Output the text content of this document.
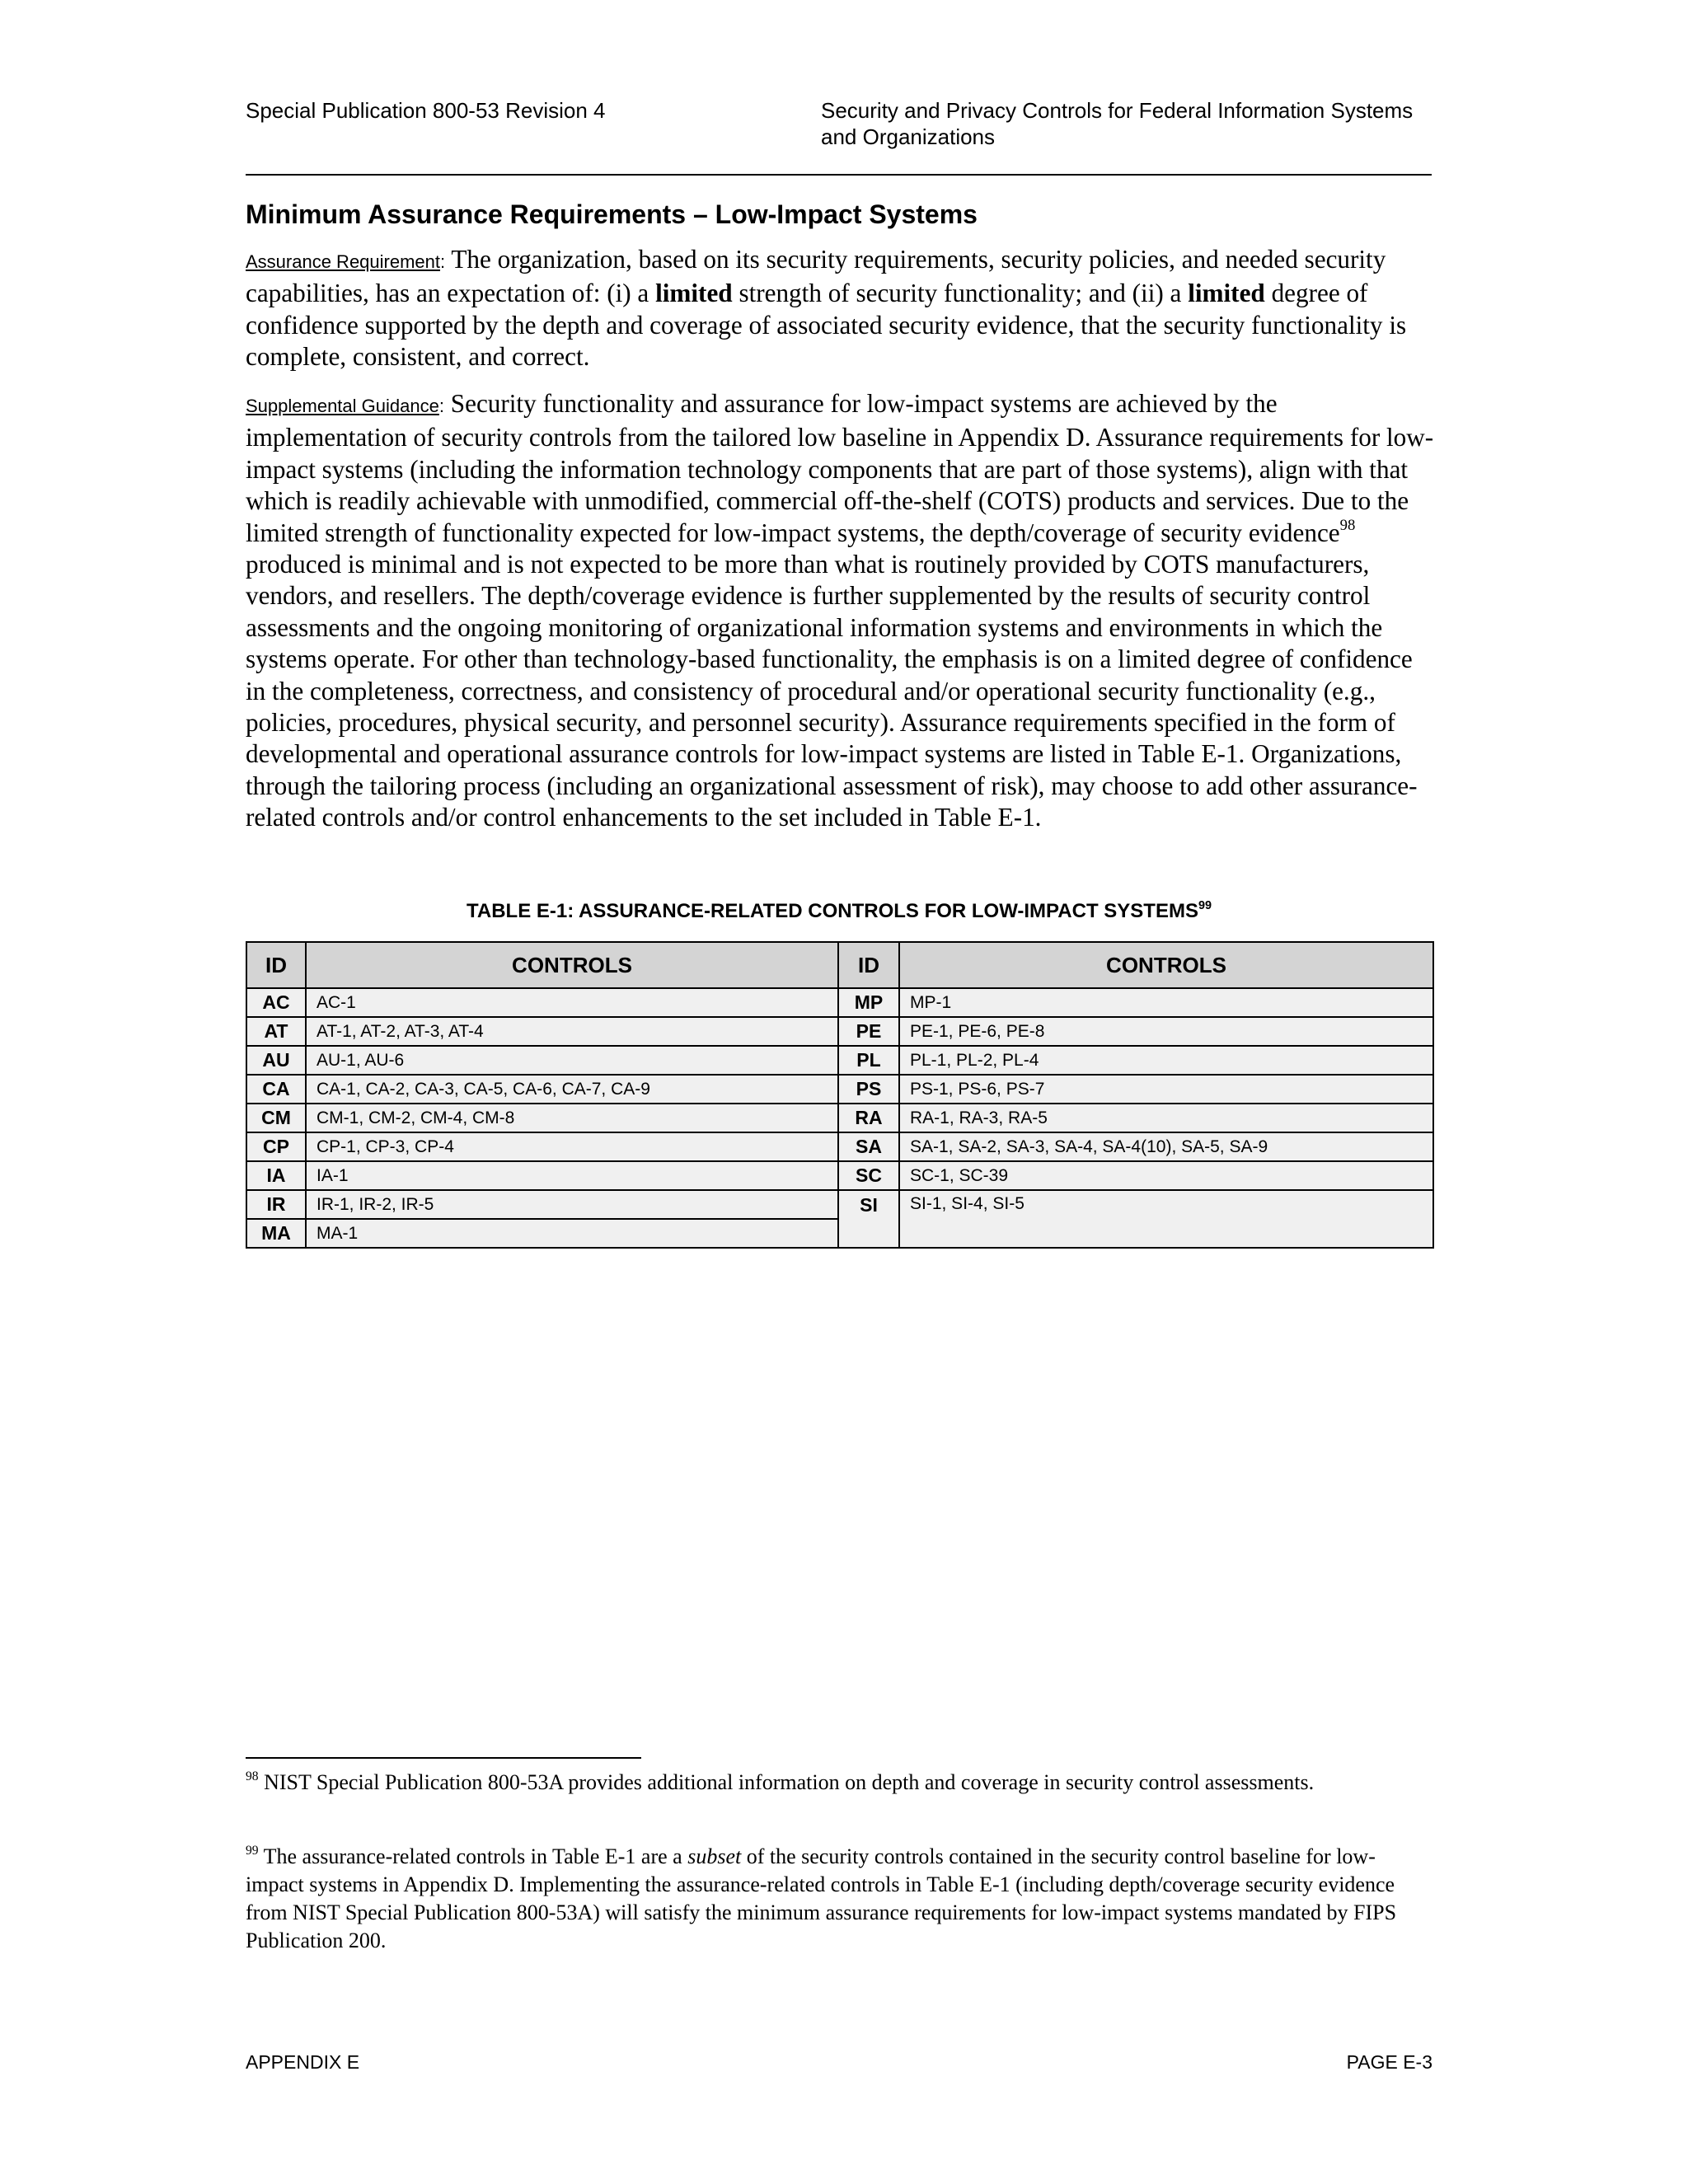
Special Publication 800-53 Revision 4	Security and Privacy Controls for Federal Information Systems
and Organizations
Minimum Assurance Requirements – Low-Impact Systems

Assurance Requirement: The organization, based on its security requirements, security policies, and needed security capabilities, has an expectation of: (i) a limited strength of security functionality; and (ii) a limited degree of confidence supported by the depth and coverage of associated security evidence, that the security functionality is complete, consistent, and correct.

Supplemental Guidance: Security functionality and assurance for low-impact systems are achieved by the implementation of security controls from the tailored low baseline in Appendix D. Assurance requirements for low-impact systems (including the information technology components that are part of those systems), align with that which is readily achievable with unmodified, commercial off-the-shelf (COTS) products and services. Due to the limited strength of functionality expected for low-impact systems, the depth/coverage of security evidence$^{98}$ produced is minimal and is not expected to be more than what is routinely provided by COTS manufacturers, vendors, and resellers. The depth/coverage evidence is further supplemented by the results of security control assessments and the ongoing monitoring of organizational information systems and environments in which the systems operate. For other than technology-based functionality, the emphasis is on a limited degree of confidence in the completeness, correctness, and consistency of procedural and/or operational security functionality (e.g., policies, procedures, physical security, and personnel security). Assurance requirements specified in the form of developmental and operational assurance controls for low-impact systems are listed in Table E-1. Organizations, through the tailoring process (including an organizational assessment of risk), may choose to add other assurance-related controls and/or control enhancements to the set included in Table E-1.

TABLE E-1: ASSURANCE-RELATED CONTROLS FOR LOW-IMPACT SYSTEMS$^{99}$
ID	CONTROLS	ID	CONTROLS
AC	AC-1	MP	MP-1
AT	AT-1, AT-2, AT-3, AT-4	PE	PE-1, PE-6, PE-8
AU	AU-1, AU-6	PL	PL-1, PL-2, PL-4
CA	CA-1, CA-2, CA-3, CA-5, CA-6, CA-7, CA-9	PS	PS-1, PS-6, PS-7
CM	CM-1, CM-2, CM-4, CM-8	RA	RA-1, RA-3, RA-5
CP	CP-1, CP-3, CP-4	SA	SA-1, SA-2, SA-3, SA-4, SA-4(10), SA-5, SA-9
IA	IA-1	SC	SC-1, SC-39
IR	IR-1, IR-2, IR-5	SI	SI-1, SI-4, SI-5
MA	MA-1		

$^{98}$ NIST Special Publication 800-53A provides additional information on depth and coverage in security control assessments.

$^{99}$ The assurance-related controls in Table E-1 are a subset of the security controls contained in the security control baseline for low-impact systems in Appendix D. Implementing the assurance-related controls in Table E-1 (including depth/coverage security evidence from NIST Special Publication 800-53A) will satisfy the minimum assurance requirements for low-impact systems mandated by FIPS Publication 200.

APPENDIX E	PAGE E-3
